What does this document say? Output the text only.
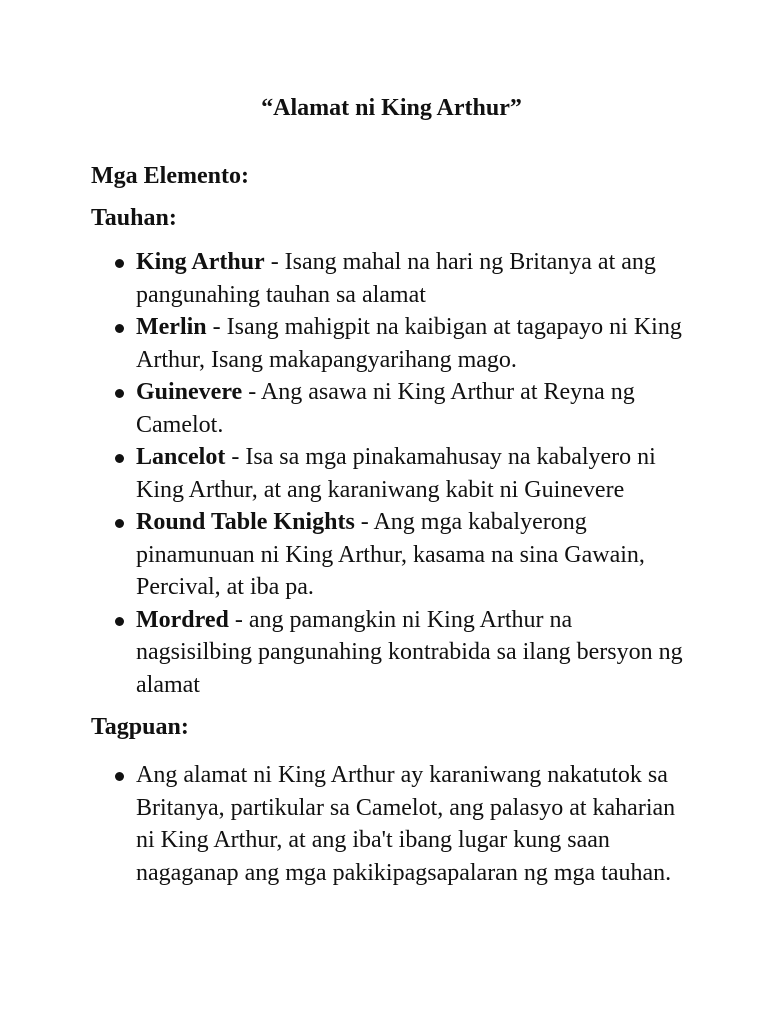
“Alamat ni King Arthur”
Mga Elemento:
Tauhan:
King Arthur - Isang mahal na hari ng Britanya at ang pangunahing tauhan sa alamat
Merlin - Isang mahigpit na kaibigan at tagapayo ni King Arthur, Isang makapangyarihang mago.
Guinevere - Ang asawa ni King Arthur at Reyna ng Camelot.
Lancelot - Isa sa mga pinakamahusay na kabalyero ni King Arthur, at ang karaniwang kabit ni Guinevere
Round Table Knights - Ang mga kabalyerong pinamunuan ni King Arthur, kasama na sina Gawain, Percival, at iba pa.
Mordred - ang pamangkin ni King Arthur na nagsisilbing pangunahing kontrabida sa ilang bersyon ng alamat
Tagpuan:
Ang alamat ni King Arthur ay karaniwang nakatutok sa Britanya, partikular sa Camelot, ang palasyo at kaharian ni King Arthur, at ang iba't ibang lugar kung saan nagaganap ang mga pakikipagsapalaran ng mga tauhan.
